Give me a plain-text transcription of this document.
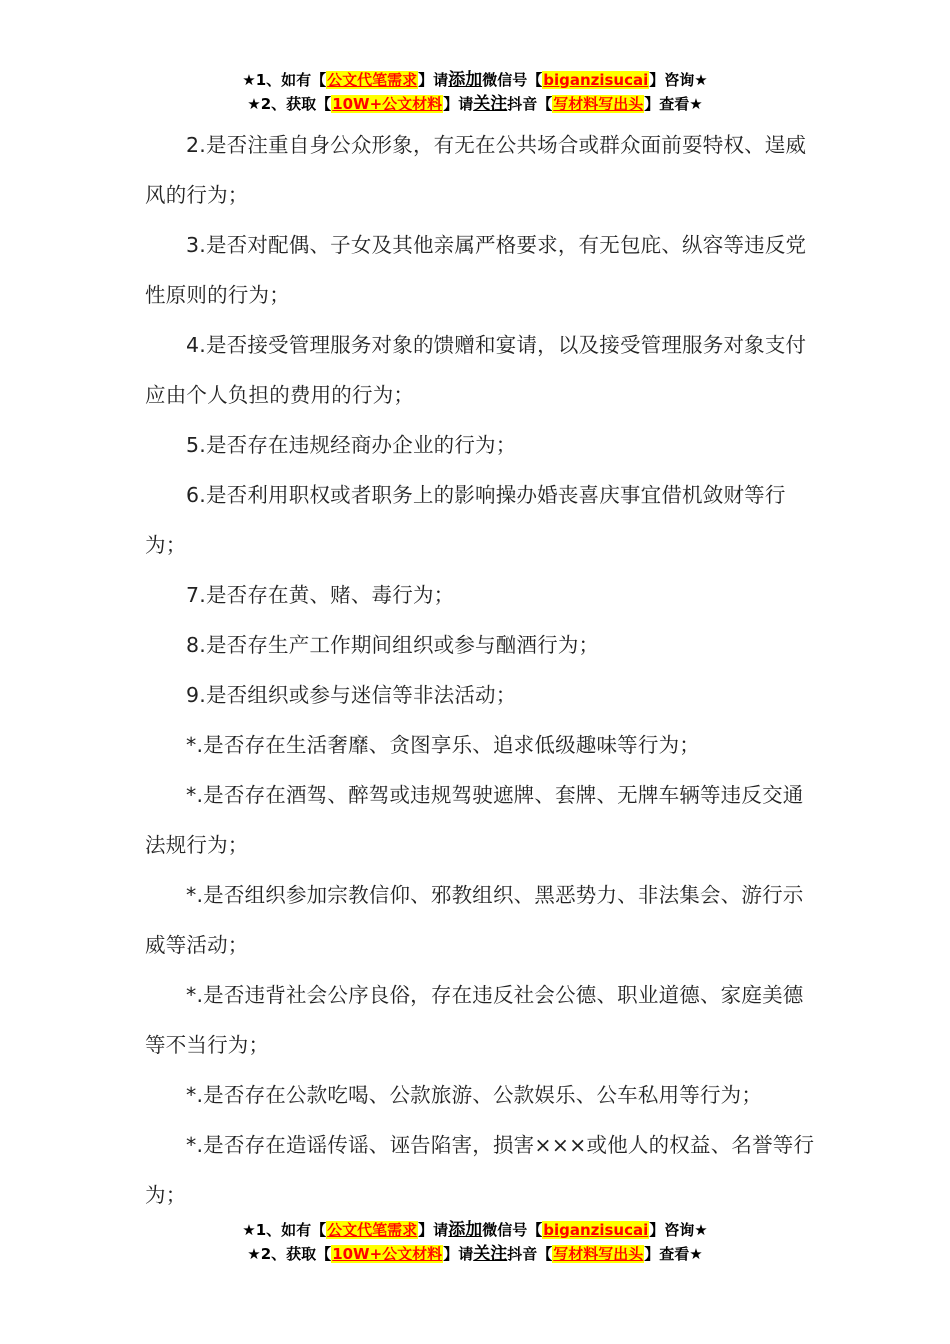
★1、如有【公文代笔需求】请添加微信号【biganzisucai】咨询★
★2、获取【10W+公文材料】请关注抖音【写材料写出头】查看★

2.是否注重自身公众形象，有无在公共场合或群众面前耍特权、逞威风的行为；

3.是否对配偶、子女及其他亲属严格要求，有无包庇、纵容等违反党性原则的行为；

4.是否接受管理服务对象的馈赠和宴请，以及接受管理服务对象支付应由个人负担的费用的行为；

5.是否存在违规经商办企业的行为；

6.是否利用职权或者职务上的影响操办婚丧喜庆事宜借机敛财等行为；

7.是否存在黄、赌、毒行为；

8.是否存生产工作期间组织或参与酗酒行为；

9.是否组织或参与迷信等非法活动；

*.是否存在生活奢靡、贪图享乐、追求低级趣味等行为；

*.是否存在酒驾、醉驾或违规驾驶遮牌、套牌、无牌车辆等违反交通法规行为；

*.是否组织参加宗教信仰、邪教组织、黑恶势力、非法集会、游行示威等活动；

*.是否违背社会公序良俗，存在违反社会公德、职业道德、家庭美德等不当行为；

*.是否存在公款吃喝、公款旅游、公款娱乐、公车私用等行为；

*.是否存在造谣传谣、诬告陷害，损害×××或他人的权益、名誉等行为；

★1、如有【公文代笔需求】请添加微信号【biganzisucai】咨询★
★2、获取【10W+公文材料】请关注抖音【写材料写出头】查看★
